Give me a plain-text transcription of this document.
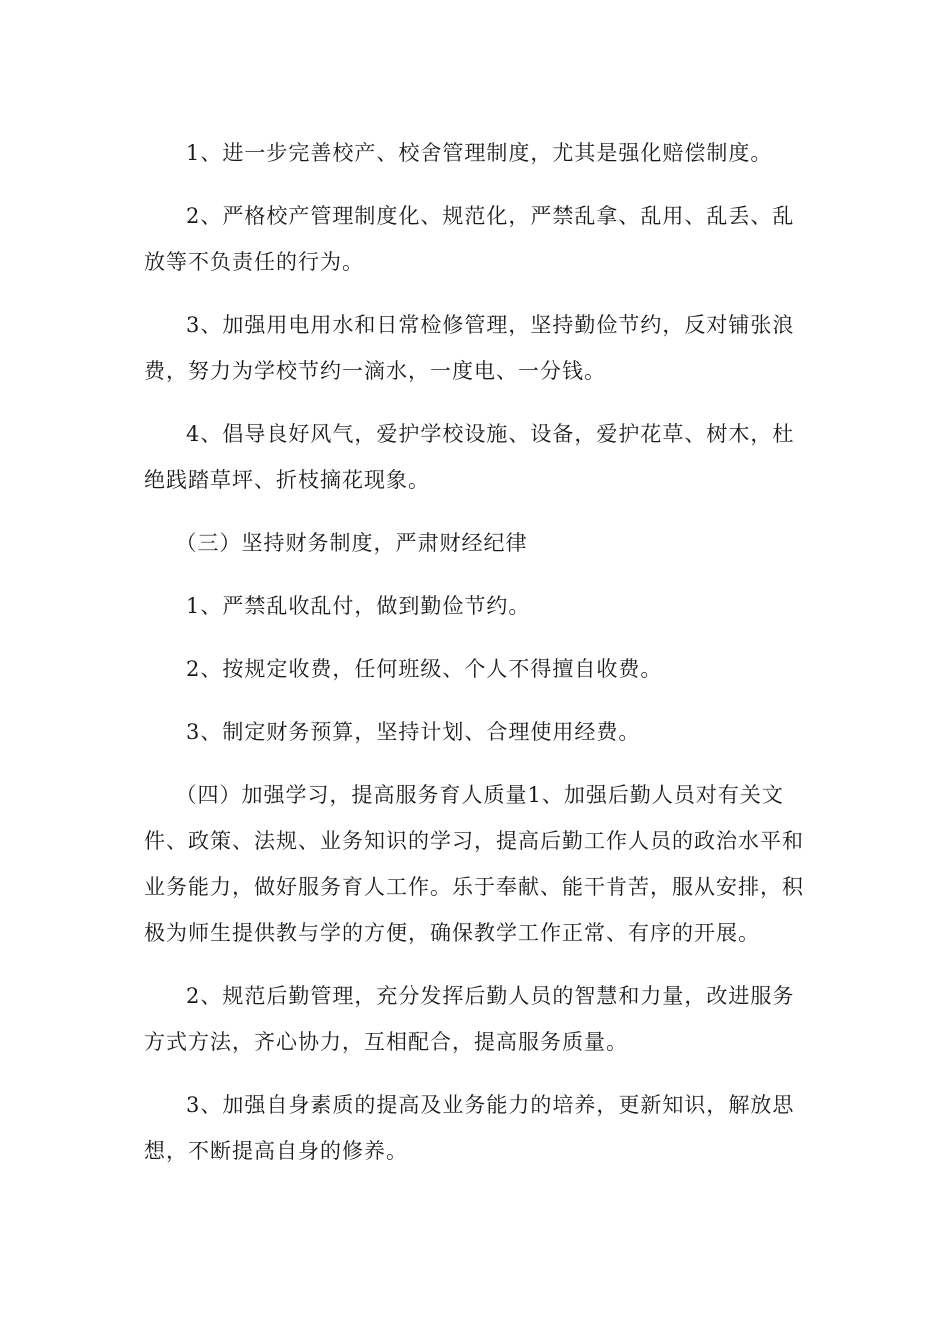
1、进一步完善校产、校舍管理制度，尤其是强化赔偿制度。

2、严格校产管理制度化、规范化，严禁乱拿、乱用、乱丢、乱放等不负责任的行为。

3、加强用电用水和日常检修管理，坚持勤俭节约，反对铺张浪费，努力为学校节约一滴水，一度电、一分钱。

4、倡导良好风气，爱护学校设施、设备，爱护花草、树木，杜绝践踏草坪、折枝摘花现象。

（三）坚持财务制度，严肃财经纪律

1、严禁乱收乱付，做到勤俭节约。

2、按规定收费，任何班级、个人不得擅自收费。

3、制定财务预算，坚持计划、合理使用经费。

（四）加强学习，提高服务育人质量1、加强后勤人员对有关文件、政策、法规、业务知识的学习，提高后勤工作人员的政治水平和业务能力，做好服务育人工作。乐于奉献、能干肯苦，服从安排，积极为师生提供教与学的方便，确保教学工作正常、有序的开展。

2、规范后勤管理，充分发挥后勤人员的智慧和力量，改进服务方式方法，齐心协力，互相配合，提高服务质量。

3、加强自身素质的提高及业务能力的培养，更新知识，解放思想，不断提高自身的修养。
